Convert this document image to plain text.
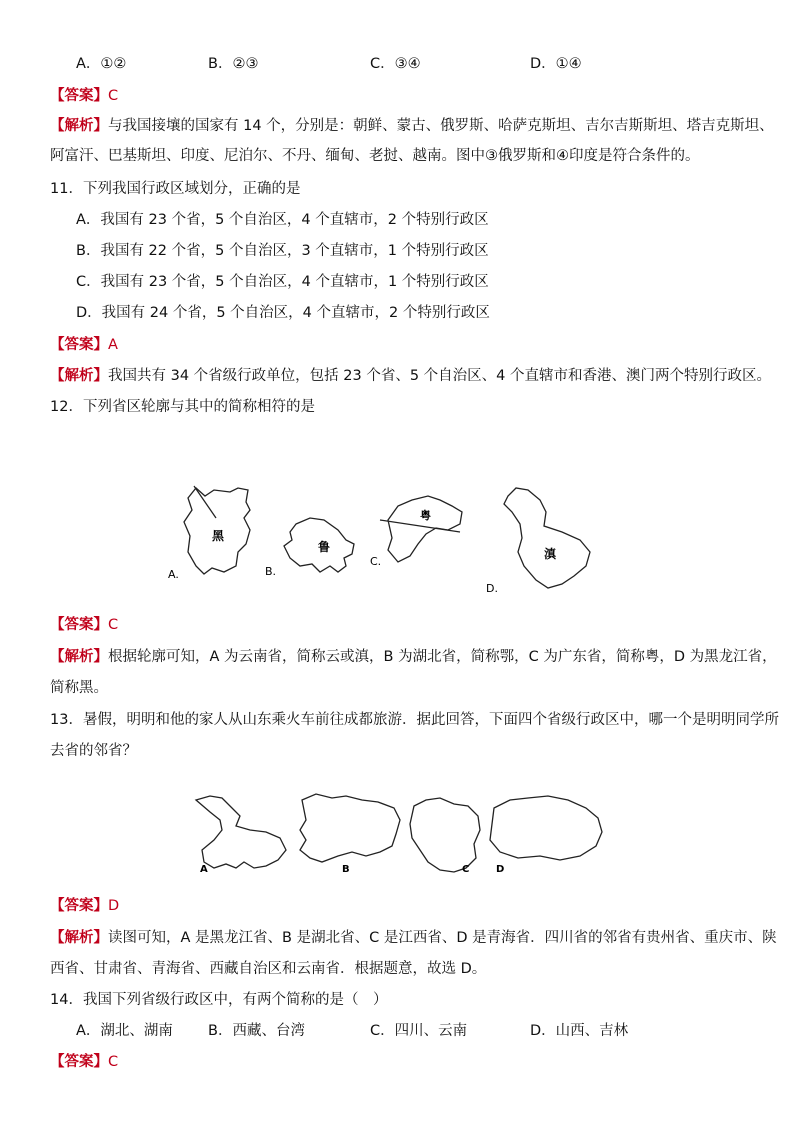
A．①②	B．②③	C．③④	D．①④
【答案】C
【解析】与我国接壤的国家有 14 个，分别是：朝鲜、蒙古、俄罗斯、哈萨克斯坦、吉尔吉斯斯坦、塔吉克斯坦、
阿富汗、巴基斯坦、印度、尼泊尔、不丹、缅甸、老挝、越南。图中③俄罗斯和④印度是符合条件的。
11．下列我国行政区域划分，正确的是
A．我国有 23 个省，5 个自治区，4 个直辖市，2 个特别行政区
B．我国有 22 个省，5 个自治区，3 个直辖市，1 个特别行政区
C．我国有 23 个省，5 个自治区，4 个直辖市，1 个特别行政区
D．我国有 24 个省，5 个自治区，4 个直辖市，2 个特别行政区
【答案】A
【解析】我国共有 34 个省级行政单位，包括 23 个省、5 个自治区、4 个直辖市和香港、澳门两个特别行政区。
12．下列省区轮廓与其中的简称相符的是
黑
鲁
粤
滇
A.	B.
C.
D.
A	B	C	D
【答案】C
【解析】根据轮廓可知，A 为云南省，简称云或滇，B 为湖北省，简称鄂，C 为广东省，简称粤，D 为黑龙江省，
简称黑。
13．暑假，明明和他的家人从山东乘火车前往成都旅游．据此回答，下面四个省级行政区中，哪一个是明明同学所
去省的邻省？
【答案】D
【解析】读图可知，A 是黑龙江省、B 是湖北省、C 是江西省、D 是青海省．四川省的邻省有贵州省、重庆市、陕
西省、甘肃省、青海省、西藏自治区和云南省．根据题意，故选 D。
14．我国下列省级行政区中，有两个简称的是（　）
A．湖北、湖南 B．西藏、台湾	C．四川、云南	D．山西、吉林
【答案】C
